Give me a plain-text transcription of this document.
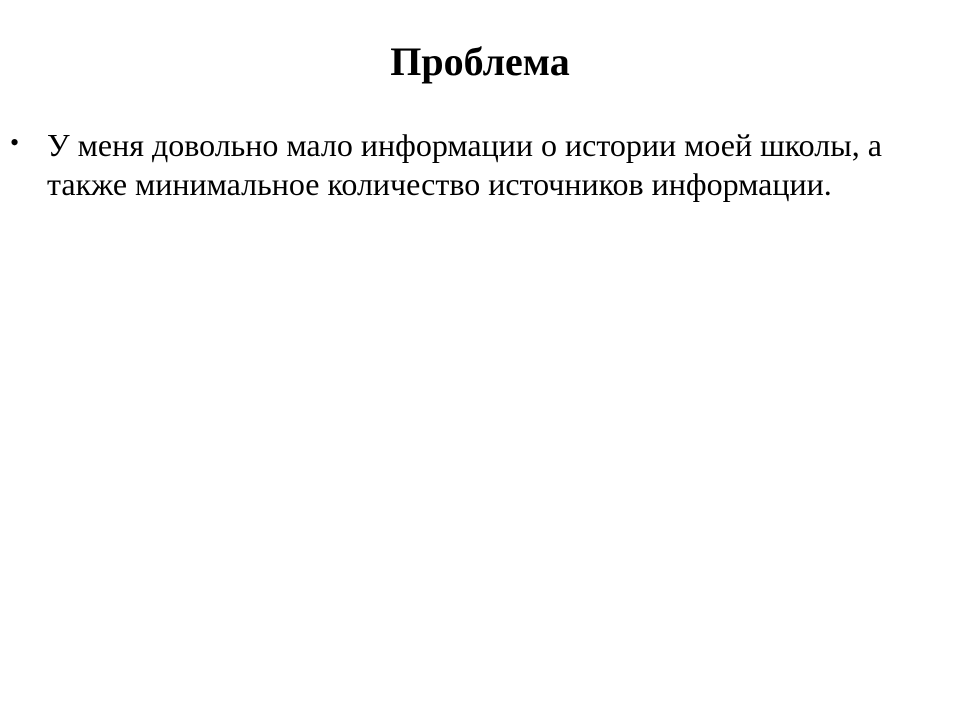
Проблема
• У меня довольно мало информации о истории моей школы, а также минимальное количество источников информации.
